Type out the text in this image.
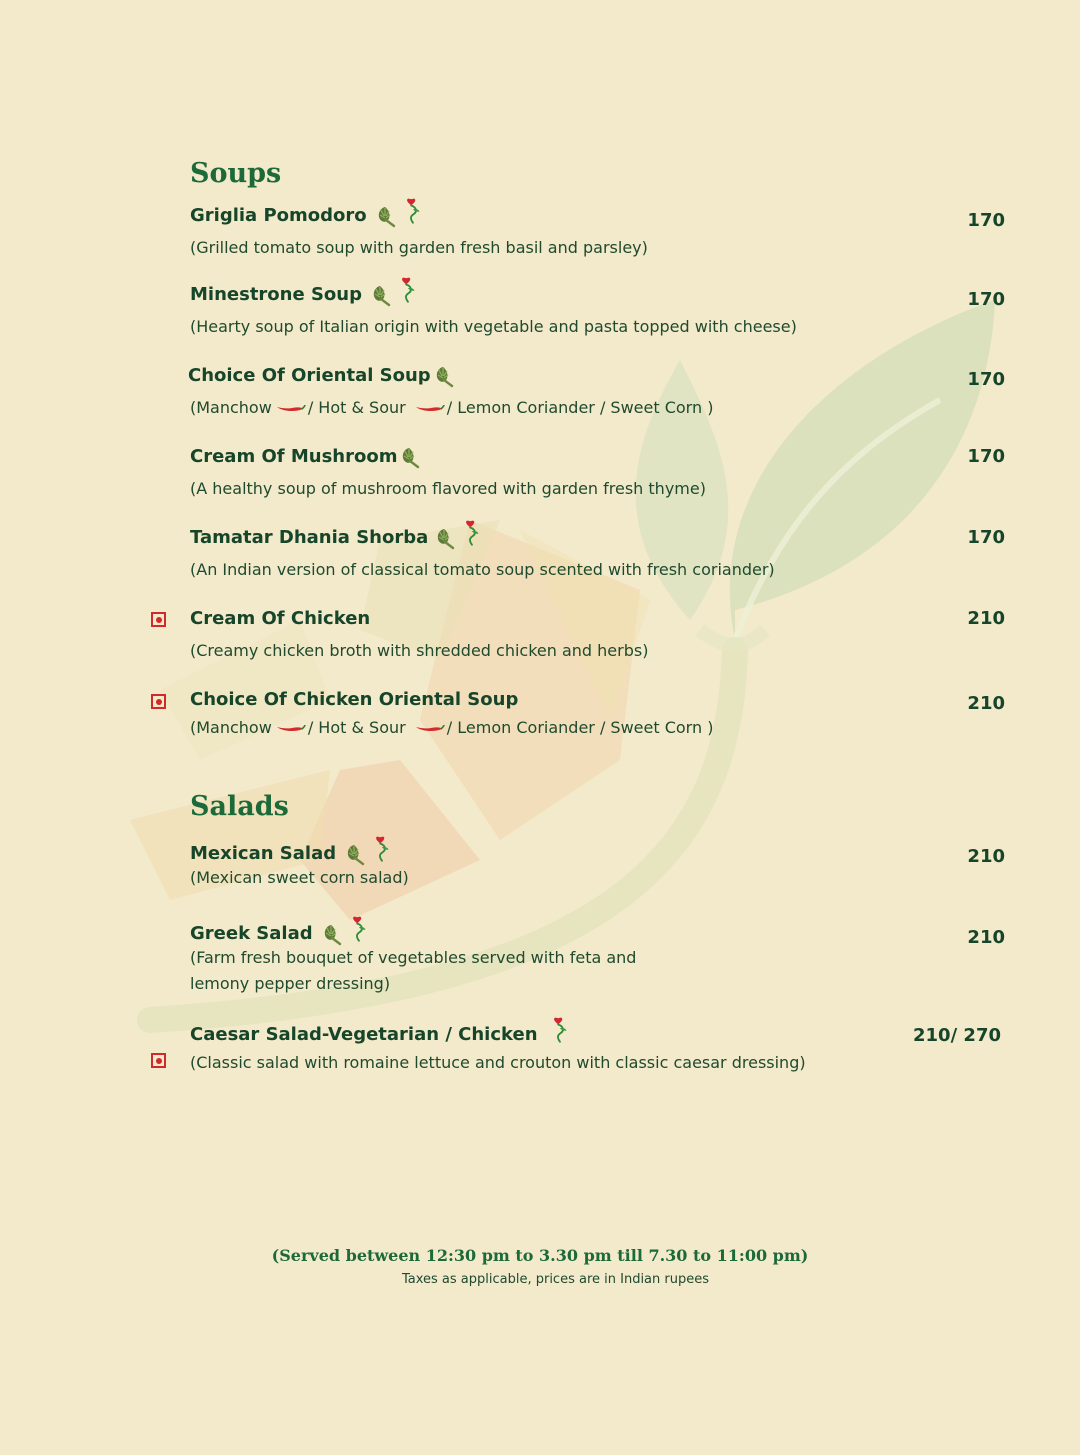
Soups
Griglia Pomodoro	170
(Grilled tomato soup with garden fresh basil and parsley)
Minestrone Soup	170
(Hearty soup of Italian origin with vegetable and pasta topped with cheese)
Choice Of Oriental Soup	170
(Manchow / Hot & Sour	/ Lemon Coriander / Sweet Corn )
Cream Of Mushroom	170
(A healthy soup of mushroom flavored with garden fresh thyme)
Tamatar Dhania Shorba	170
(An Indian version of classical tomato soup scented with fresh coriander)
Cream Of Chicken	210
(Creamy chicken broth with shredded chicken and herbs)
Choice Of Chicken Oriental Soup	210
(Manchow / Hot & Sour	/ Lemon Coriander / Sweet Corn )
Salads
Mexican Salad	210
(Mexican sweet corn salad)
Greek Salad	210
(Farm fresh bouquet of vegetables served with feta and
lemony pepper dressing)
Caesar Salad-Vegetarian / Chicken	210/ 270
(Classic salad with romaine lettuce and crouton with classic caesar dressing)
(Served between 12:30 pm to 3.30 pm till 7.30 to 11:00 pm)
Taxes as applicable, prices are in Indian rupees
